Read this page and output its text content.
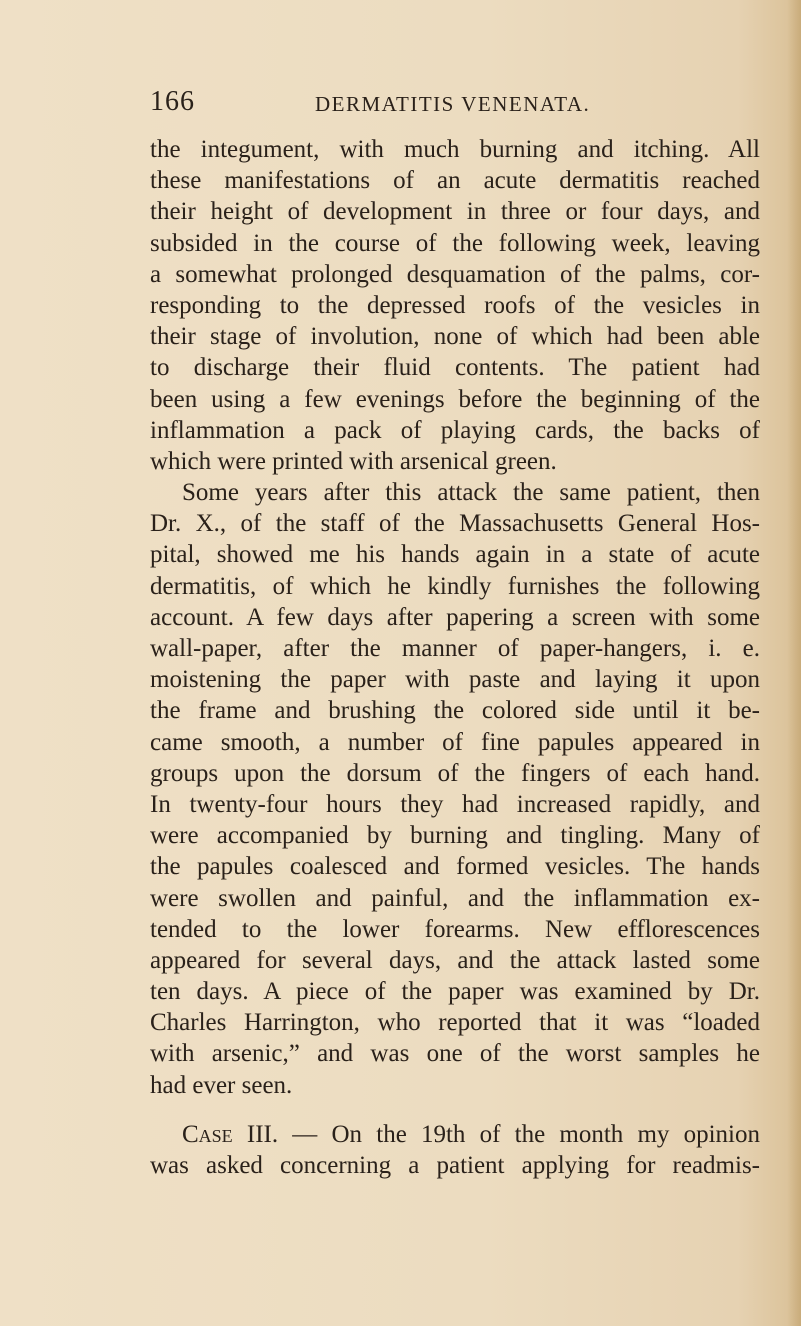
166	DERMATITIS VENENATA.
the integument, with much burning and itching. All
these manifestations of an acute dermatitis reached
their height of development in three or four days, and
subsided in the course of the following week, leaving
a somewhat prolonged desquamation of the palms, cor-
responding to the depressed roofs of the vesicles in
their stage of involution, none of which had been able
to discharge their fluid contents. The patient had
been using a few evenings before the beginning of the
inflammation a pack of playing cards, the backs of
which were printed with arsenical green.
Some years after this attack the same patient, then
Dr. X., of the staff of the Massachusetts General Hos-
pital, showed me his hands again in a state of acute
dermatitis, of which he kindly furnishes the following
account. A few days after papering a screen with some
wall-paper, after the manner of paper-hangers, i. e.
moistening the paper with paste and laying it upon
the frame and brushing the colored side until it be-
came smooth, a number of fine papules appeared in
groups upon the dorsum of the fingers of each hand.
In twenty-four hours they had increased rapidly, and
were accompanied by burning and tingling. Many of
the papules coalesced and formed vesicles. The hands
were swollen and painful, and the inflammation ex-
tended to the lower forearms. New efflorescences
appeared for several days, and the attack lasted some
ten days. A piece of the paper was examined by Dr.
Charles Harrington, who reported that it was “loaded
with arsenic,” and was one of the worst samples he
had ever seen.
Case III. — On the 19th of the month my opinion
was asked concerning a patient applying for readmis-
